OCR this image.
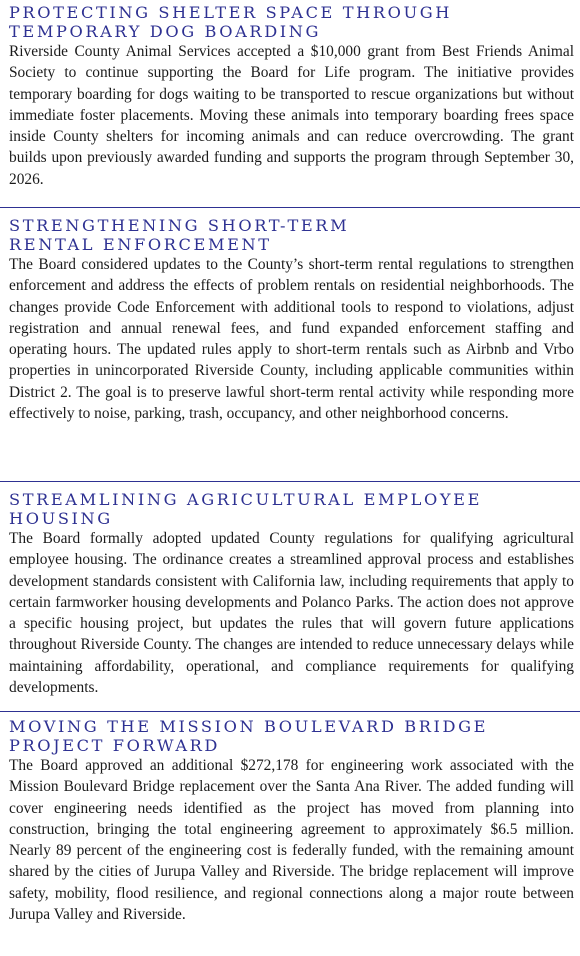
PROTECTING SHELTER SPACE THROUGH TEMPORARY DOG BOARDING

Riverside County Animal Services accepted a $10,000 grant from Best Friends Animal Society to continue supporting the Board for Life program. The initiative provides temporary boarding for dogs waiting to be transported to rescue organizations but without immediate foster placements. Moving these animals into temporary boarding frees space inside County shelters for incoming animals and can reduce overcrowding. The grant builds upon previously awarded funding and supports the program through September 30, 2026.

STRENGTHENING SHORT-TERM RENTAL ENFORCEMENT

The Board considered updates to the County’s short-term rental regulations to strengthen enforcement and address the effects of problem rentals on residential neighborhoods. The changes provide Code Enforcement with additional tools to respond to violations, adjust registration and annual renewal fees, and fund expanded enforcement staffing and operating hours. The updated rules apply to short-term rentals such as Airbnb and Vrbo properties in unincorporated Riverside County, including applicable communities within District 2. The goal is to preserve lawful short-term rental activity while responding more effectively to noise, parking, trash, occupancy, and other neighborhood concerns.

STREAMLINING AGRICULTURAL EMPLOYEE HOUSING

The Board formally adopted updated County regulations for qualifying agricultural employee housing. The ordinance creates a streamlined approval process and establishes development standards consistent with California law, including requirements that apply to certain farmworker housing developments and Polanco Parks. The action does not approve a specific housing project, but updates the rules that will govern future applications throughout Riverside County. The changes are intended to reduce unnecessary delays while maintaining affordability, operational, and compliance requirements for qualifying developments.

MOVING THE MISSION BOULEVARD BRIDGE PROJECT FORWARD

The Board approved an additional $272,178 for engineering work associated with the Mission Boulevard Bridge replacement over the Santa Ana River. The added funding will cover engineering needs identified as the project has moved from planning into construction, bringing the total engineering agreement to approximately $6.5 million. Nearly 89 percent of the engineering cost is federally funded, with the remaining amount shared by the cities of Jurupa Valley and Riverside. The bridge replacement will improve safety, mobility, flood resilience, and regional connections along a major route between Jurupa Valley and Riverside.
